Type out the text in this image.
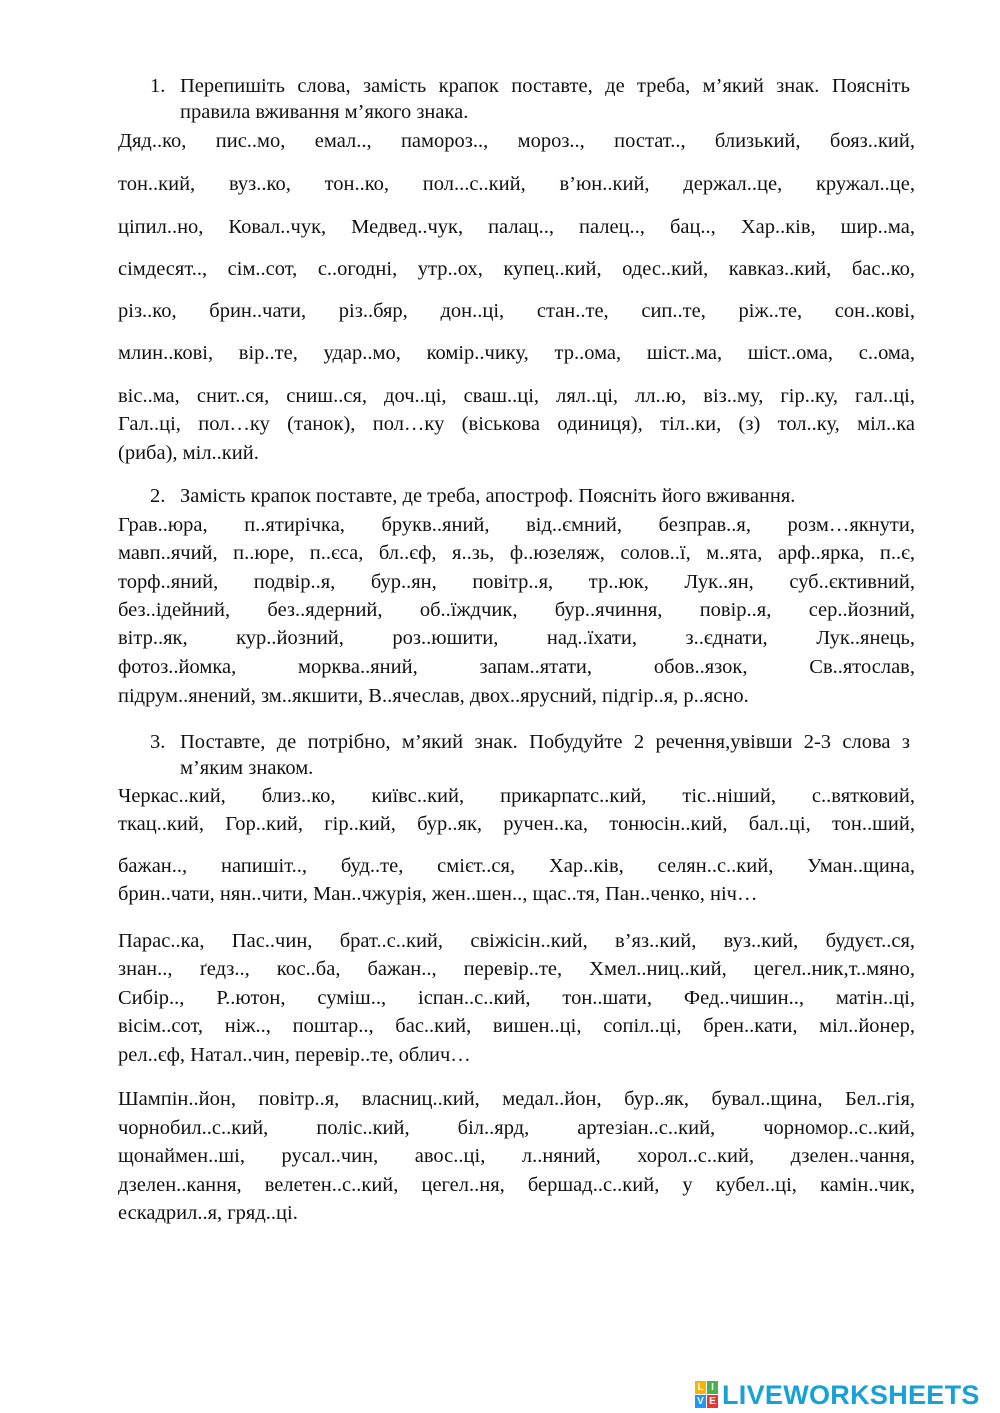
1. Перепишіть слова, замість крапок поставте, де треба, м’який знак. Поясніть правила вживання м’якого знака.
Дяд..ко, пис..мо, емал.., памороз.., мороз.., постат.., близький, бояз..кий,
тон..кий, вуз..ко, тон..ко, пол...с..кий, в’юн..кий, держал..це, кружал..це,
ціпил..но, Ковал..чук, Медвед..чук, палац.., палец.., бац.., Хар..ків, шир..ма,
сімдесят.., сім..сот, с..огодні, утр..ох, купец..кий, одес..кий, кавказ..кий, бас..ко,
різ..ко, брин..чати, різ..бяр, дон..ці, стан..те, сип..те, ріж..те, сон..кові,
млин..кові, вір..те, удар..мо, комір..чику, тр..ома, шіст..ма, шіст..ома, с..ома,
віс..ма, снит..ся, сниш..ся, доч..ці, сваш..ці, лял..ці, лл..ю, віз..му, гір..ку, гал..ці,
Гал..ці, пол…ку (танок), пол…ку (віськова одиниця), тіл..ки, (з) тол..ку, міл..ка
(риба), міл..кий.
2. Замість крапок поставте, де треба, апостроф. Поясніть його вживання.
Грав..юра, п..ятирічка, брукв..яний, від..ємний, безправ..я, розм…якнути,
мавп..ячий, п..юре, п..єса, бл..єф, я..зь, ф..юзеляж, солов..ї, м..ята, арф..ярка, п..є,
торф..яний, подвір..я, бур..ян, повітр..я, тр..юк, Лук..ян, суб..єктивний,
без..ідейний, без..ядерний, об..їждчик, бур..ячиння, повір..я, сер..йозний,
вітр..як, кур..йозний, роз..юшити, над..їхати, з..єднати, Лук..янець,
фотоз..йомка, морква..яний, запам..ятати, обов..язок, Св..ятослав,
підрум..янений, зм..якшити, В..ячеслав, двох..ярусний, підгір..я, р..ясно.
3. Поставте, де потрібно, м’який знак. Побудуйте 2 речення,увівши 2-3 слова з м’яким знаком.
Черкас..кий, близ..ко, київс..кий, прикарпатс..кий, тіс..ніший, с..вятковий,
ткац..кий, Гор..кий, гір..кий, бур..як, ручен..ка, тонюсін..кий, бал..ці, тон..ший,
бажан.., напишіт.., буд..те, смієт..ся, Хар..ків, селян..с..кий, Уман..щина,
брин..чати, нян..чити, Ман..чжурія, жен..шен.., щас..тя, Пан..ченко, ніч…
Парас..ка, Пас..чин, брат..с..кий, свіжісін..кий, в’яз..кий, вуз..кий, будуєт..ся,
знан.., ґедз.., кос..ба, бажан.., перевір..те, Хмел..ниц..кий, цегел..ник,т..мяно,
Сибір.., Р..ютон, суміш.., іспан..с..кий, тон..шати, Фед..чишин.., матін..ці,
вісім..сот, ніж.., поштар.., бас..кий, вишен..ці, сопіл..ці, брен..кати, міл..йонер,
рел..єф, Натал..чин, перевір..те, облич…
Шампін..йон, повітр..я, власниц..кий, медал..йон, бур..як, бувал..щина, Бел..гія,
чорнобил..с..кий, поліс..кий, біл..ярд, артезіан..с..кий, чорномор..с..кий,
щонаймен..ші, русал..чин, авос..ці, л..няний, хорол..с..кий, дзелен..чання,
дзелен..кання, велетен..с..кий, цегел..ня, бершад..с..кий, у кубел..ці, камін..чик,
ескадрил..я, гряд..ці.
L I
V E LIVEWORKSHEETS
